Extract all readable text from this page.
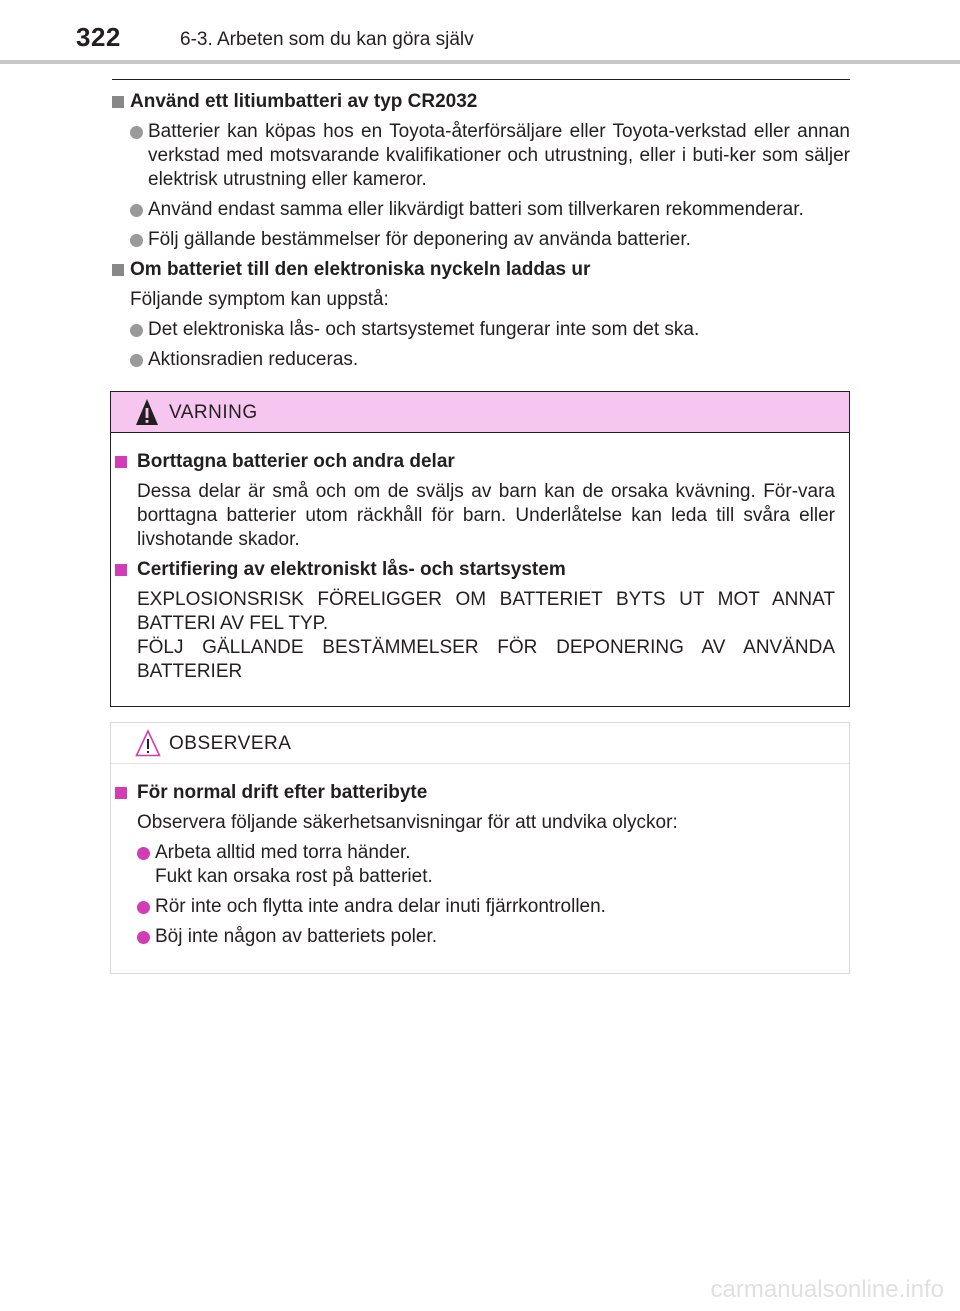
322	6-3. Arbeten som du kan göra själv
Använd ett litiumbatteri av typ CR2032
Batterier kan köpas hos en Toyota-återförsäljare eller Toyota-verkstad eller annan verkstad med motsvarande kvalifikationer och utrustning, eller i buti-ker som säljer elektrisk utrustning eller kameror.
Använd endast samma eller likvärdigt batteri som tillverkaren rekommenderar.
Följ gällande bestämmelser för deponering av använda batterier.
Om batteriet till den elektroniska nyckeln laddas ur
Följande symptom kan uppstå:
Det elektroniska lås- och startsystemet fungerar inte som det ska.
Aktionsradien reduceras.
VARNING
Borttagna batterier och andra delar
Dessa delar är små och om de sväljs av barn kan de orsaka kvävning. För-vara borttagna batterier utom räckhåll för barn. Underlåtelse kan leda till svåra eller livshotande skador.
Certifiering av elektroniskt lås- och startsystem
EXPLOSIONSRISK FÖRELIGGER OM BATTERIET BYTS UT MOT ANNAT BATTERI AV FEL TYP.
FÖLJ GÄLLANDE BESTÄMMELSER FÖR DEPONERING AV ANVÄNDA BATTERIER
OBSERVERA
För normal drift efter batteribyte
Observera följande säkerhetsanvisningar för att undvika olyckor:
Arbeta alltid med torra händer.
Fukt kan orsaka rost på batteriet.
Rör inte och flytta inte andra delar inuti fjärrkontrollen.
Böj inte någon av batteriets poler.
carmanualsonline.info
